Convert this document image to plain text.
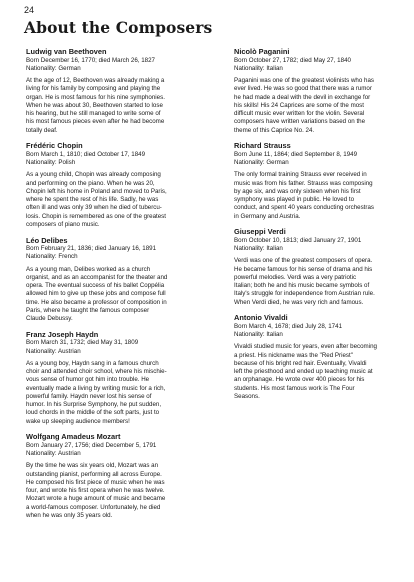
24
About the Composers
Ludwig van Beethoven
Born December 16, 1770; died March 26, 1827
Nationality: German

At the age of 12, Beethoven was already making a

living for his family by composing and playing the

organ. He is most famous for his nine symphonies.

When he was about 30, Beethoven started to lose

his hearing, but he still managed to write some of

his most famous pieces even after he had become

totally deaf.

Frédéric Chopin
Born March 1, 1810; died October 17, 1849
Nationality: Polish

As a young child, Chopin was already composing

and performing on the piano. When he was 20,

Chopin left his home in Poland and moved to Paris,

where he spent the rest of his life. Sadly, he was

often ill and was only 39 when he died of tubercu-

losis. Chopin is remembered as one of the greatest

composers of piano music.

Léo Delibes
Born February 21, 1836; died January 16, 1891
Nationality: French

As a young man, Delibes worked as a church

organist, and as an accompanist for the theater and

opera. The eventual success of his ballet Coppélia

allowed him to give up these jobs and compose full

time. He also became a professor of composition in

Paris, where he taught the famous composer

Claude Debussy.

Franz Joseph Haydn
Born March 31, 1732; died May 31, 1809
Nationality: Austrian

As a young boy, Haydn sang in a famous church

choir and attended choir school, where his mischie-

vous sense of humor got him into trouble. He

eventually made a living by writing music for a rich,

powerful family. Haydn never lost his sense of

humor. In his Surprise Symphony, he put sudden,

loud chords in the middle of the soft parts, just to

wake up sleeping audience members!

Wolfgang Amadeus Mozart
Born January 27, 1756; died December 5, 1791
Nationality: Austrian

By the time he was six years old, Mozart was an

outstanding pianist, performing all across Europe.

He composed his first piece of music when he was

four, and wrote his first opera when he was twelve.

Mozart wrote a huge amount of music and became

a world-famous composer. Unfortunately, he died

when he was only 35 years old.

Nicolò Paganini
Born October 27, 1782; died May 27, 1840
Nationality: Italian

Paganini was one of the greatest violinists who has

ever lived. He was so good that there was a rumor

he had made a deal with the devil in exchange for

his skills! His 24 Caprices are some of the most

difficult music ever written for the violin. Several

composers have written variations based on the

theme of this Caprice No. 24.

Richard Strauss
Born June 11, 1864; died September 8, 1949
Nationality: German

The only formal training Strauss ever received in

music was from his father. Strauss was composing

by age six, and was only sixteen when his first

symphony was played in public. He loved to

conduct, and spent 40 years conducting orchestras

in Germany and Austria.

Giuseppi Verdi
Born October 10, 1813; died January 27, 1901
Nationality: Italian

Verdi was one of the greatest composers of opera.

He became famous for his sense of drama and his

powerful melodies. Verdi was a very patriotic

Italian; both he and his music became symbols of

Italy's struggle for independence from Austrian rule.

When Verdi died, he was very rich and famous.

Antonio Vivaldi
Born March 4, 1678; died July 28, 1741
Nationality: Italian

Vivaldi studied music for years, even after becoming

a priest. His nickname was the "Red Priest"

because of his bright red hair. Eventually, Vivaldi

left the priesthood and ended up teaching music at

an orphanage. He wrote over 400 pieces for his

students. His most famous work is The Four

Seasons.
